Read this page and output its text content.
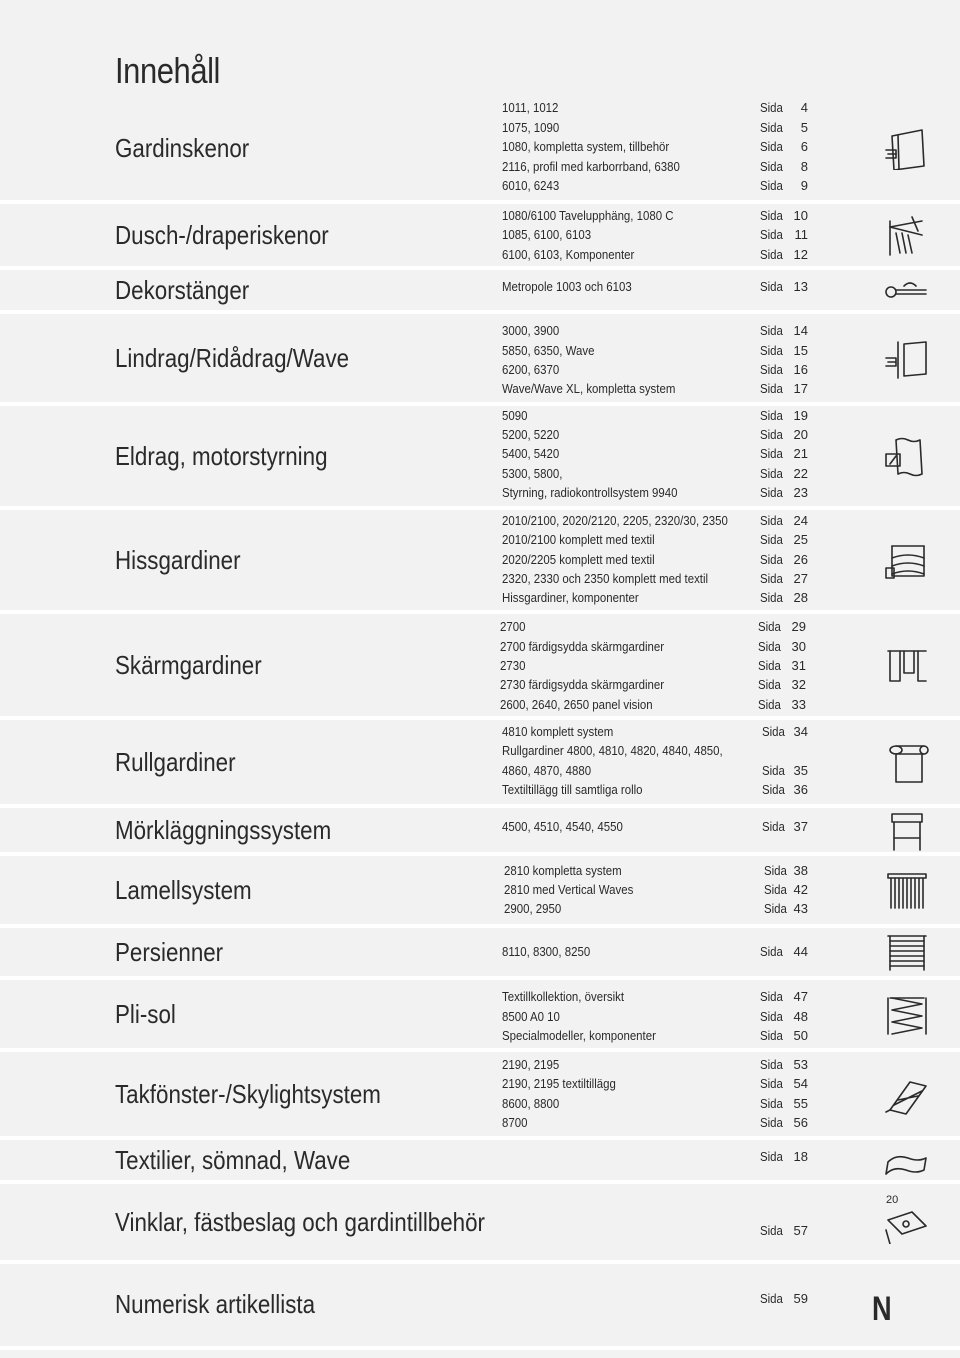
Innehåll
Gardinskenor
1011, 1012	Sida	4
1075, 1090	Sida	5
1080, kompletta system, tillbehör	Sida	6
2116, profil med karborrband, 6380	Sida	8
6010, 6243	Sida	9
Dusch-/draperiskenor
1080/6100 Tavelupphäng, 1080 C	Sida 10
1085, 6100, 6103	Sida 11
6100, 6103, Komponenter	Sida 12
Dekorstänger	Metropole 1003 och 6103	Sida 13
Lindrag/Ridådrag/Wave
3000, 3900	Sida 14
5850, 6350, Wave	Sida 15
6200, 6370	Sida 16
Wave/Wave XL, kompletta system	Sida 17
Eldrag, motorstyrning
5090	Sida 19
5200, 5220	Sida 20
5400, 5420	Sida 21
5300, 5800,	Sida 22
Styrning, radiokontrollsystem 9940	Sida 23
Hissgardiner
2010/2100, 2020/2120, 2205, 2320/30, 2350 Sida 24
2010/2100 komplett med textil	Sida 25
2020/2205 komplett med textil	Sida 26
2320, 2330 och 2350 komplett med textil	Sida 27
Hissgardiner, komponenter	Sida 28
Skärmgardiner
2700	Sida 29
2700 färdigsydda skärmgardiner	Sida 30
2730	Sida 31
2730 färdigsydda skärmgardiner	Sida 32
2600, 2640, 2650 panel vision	Sida 33
Rullgardiner
4810 komplett system	Sida 34
Rullgardiner 4800, 4810, 4820, 4840, 4850,
4860, 4870, 4880	Sida 35
Textiltillägg till samtliga rollo	Sida 36
Mörkläggningssystem	4500, 4510, 4540, 4550	Sida 37
Lamellsystem
2810 kompletta system	Sida 38
2810 med Vertical Waves	Sida 42
2900, 2950	Sida 43
Persienner	8110, 8300, 8250	Sida 44
Pli-sol
Textillkollektion, översikt	Sida 47
8500 A0 10	Sida 48
Specialmodeller, komponenter	Sida 50
Takfönster-/Skylightsystem
2190, 2195	Sida 53
2190, 2195 textiltillägg	Sida 54
8600, 8800	Sida 55
8700	Sida 56
Textilier, sömnad, Wave	Sida 18
Vinklar, fästbeslag och gardintillbehör	Sida 57
20
Numerisk artikellista	Sida 59 N
